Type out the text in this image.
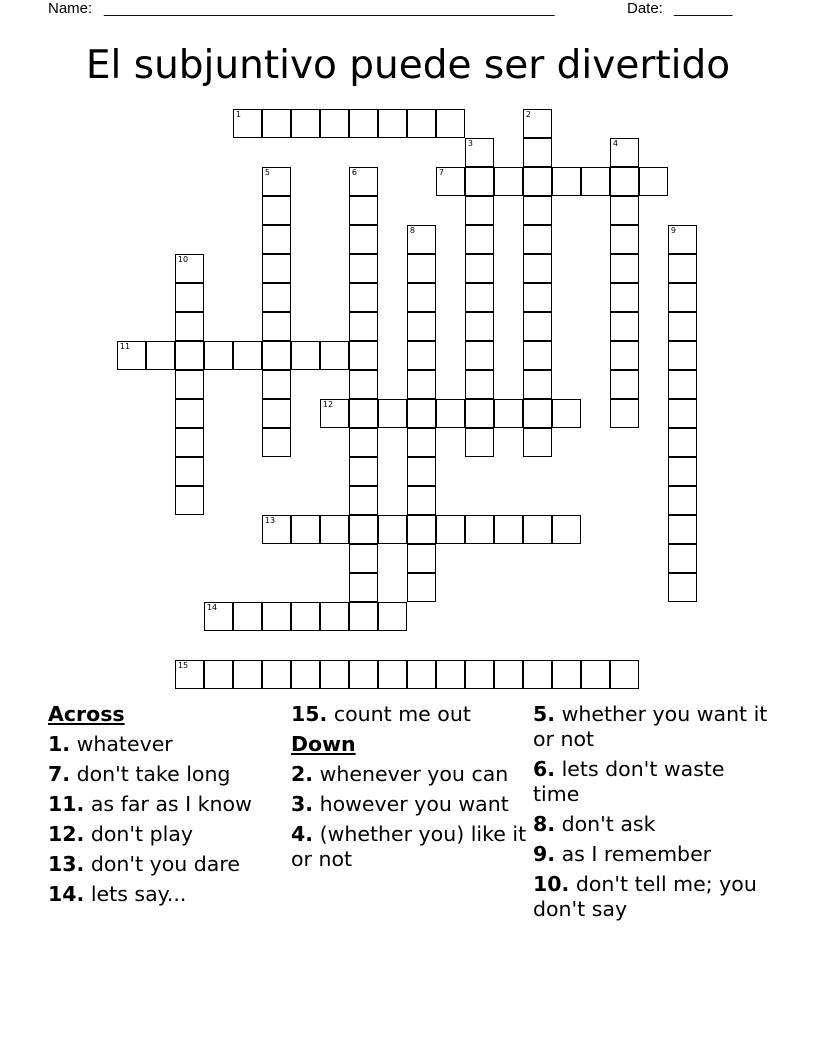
Name: ______________________________________________________	Date: _______
El subjuntivo puede ser divertido
1	2
3	4
5	6	7
8	9
10
11
12
13
14
15
Across
1. whatever
7. don't take long
11. as far as I know
12. don't play
13. don't you dare
14. lets say...
15. count me out
Down
2. whenever you can
3. however you want
4. (whether you) like it or not
5. whether you want it or not
6. lets don't waste time
8. don't ask
9. as I remember
10. don't tell me; you don't say
